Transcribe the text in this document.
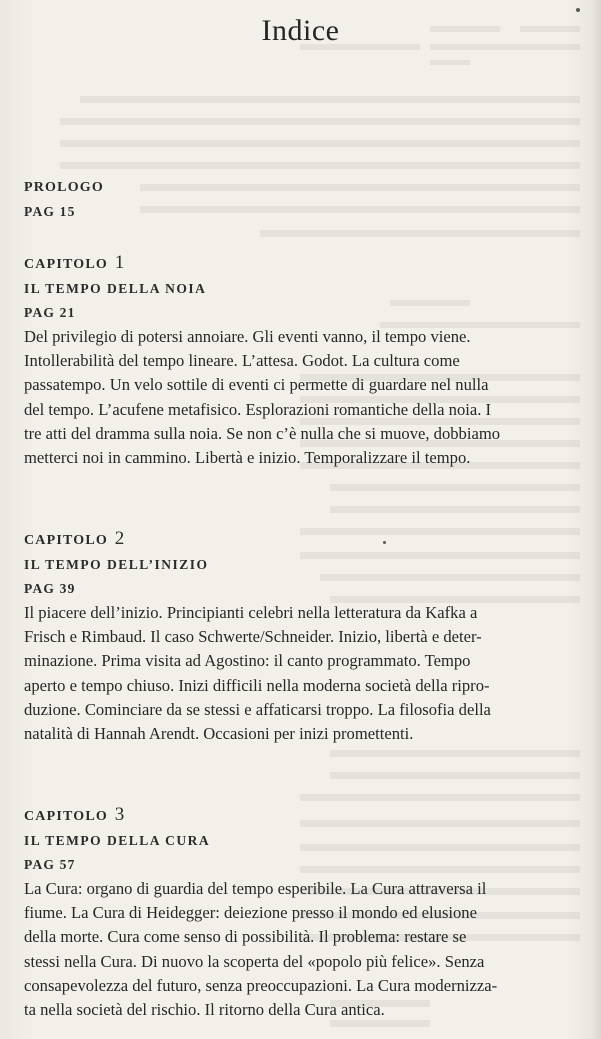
Indice
PROLOGO
PAG 15
CAPITOLO 1
IL TEMPO DELLA NOIA
PAG 21
Del privilegio di potersi annoiare. Gli eventi vanno, il tempo viene.
Intollerabilità del tempo lineare. L’attesa. Godot. La cultura come
passatempo. Un velo sottile di eventi ci permette di guardare nel nulla
del tempo. L’acufene metafisico. Esplorazioni romantiche della noia. I
tre atti del dramma sulla noia. Se non c’è nulla che si muove, dobbiamo
metterci noi in cammino. Libertà e inizio. Temporalizzare il tempo.
CAPITOLO 2
IL TEMPO DELL’INIZIO
PAG 39
Il piacere dell’inizio. Principianti celebri nella letteratura da Kafka a
Frisch e Rimbaud. Il caso Schwerte/Schneider. Inizio, libertà e deter-
minazione. Prima visita ad Agostino: il canto programmato. Tempo
aperto e tempo chiuso. Inizi difficili nella moderna società della ripro-
duzione. Cominciare da se stessi e affaticarsi troppo. La filosofia della
natalità di Hannah Arendt. Occasioni per inizi promettenti.
CAPITOLO 3
IL TEMPO DELLA CURA
PAG 57
La Cura: organo di guardia del tempo esperibile. La Cura attraversa il
fiume. La Cura di Heidegger: deiezione presso il mondo ed elusione
della morte. Cura come senso di possibilità. Il problema: restare se
stessi nella Cura. Di nuovo la scoperta del «popolo più felice». Senza
consapevolezza del futuro, senza preoccupazioni. La Cura modernizza-
ta nella società del rischio. Il ritorno della Cura antica.
